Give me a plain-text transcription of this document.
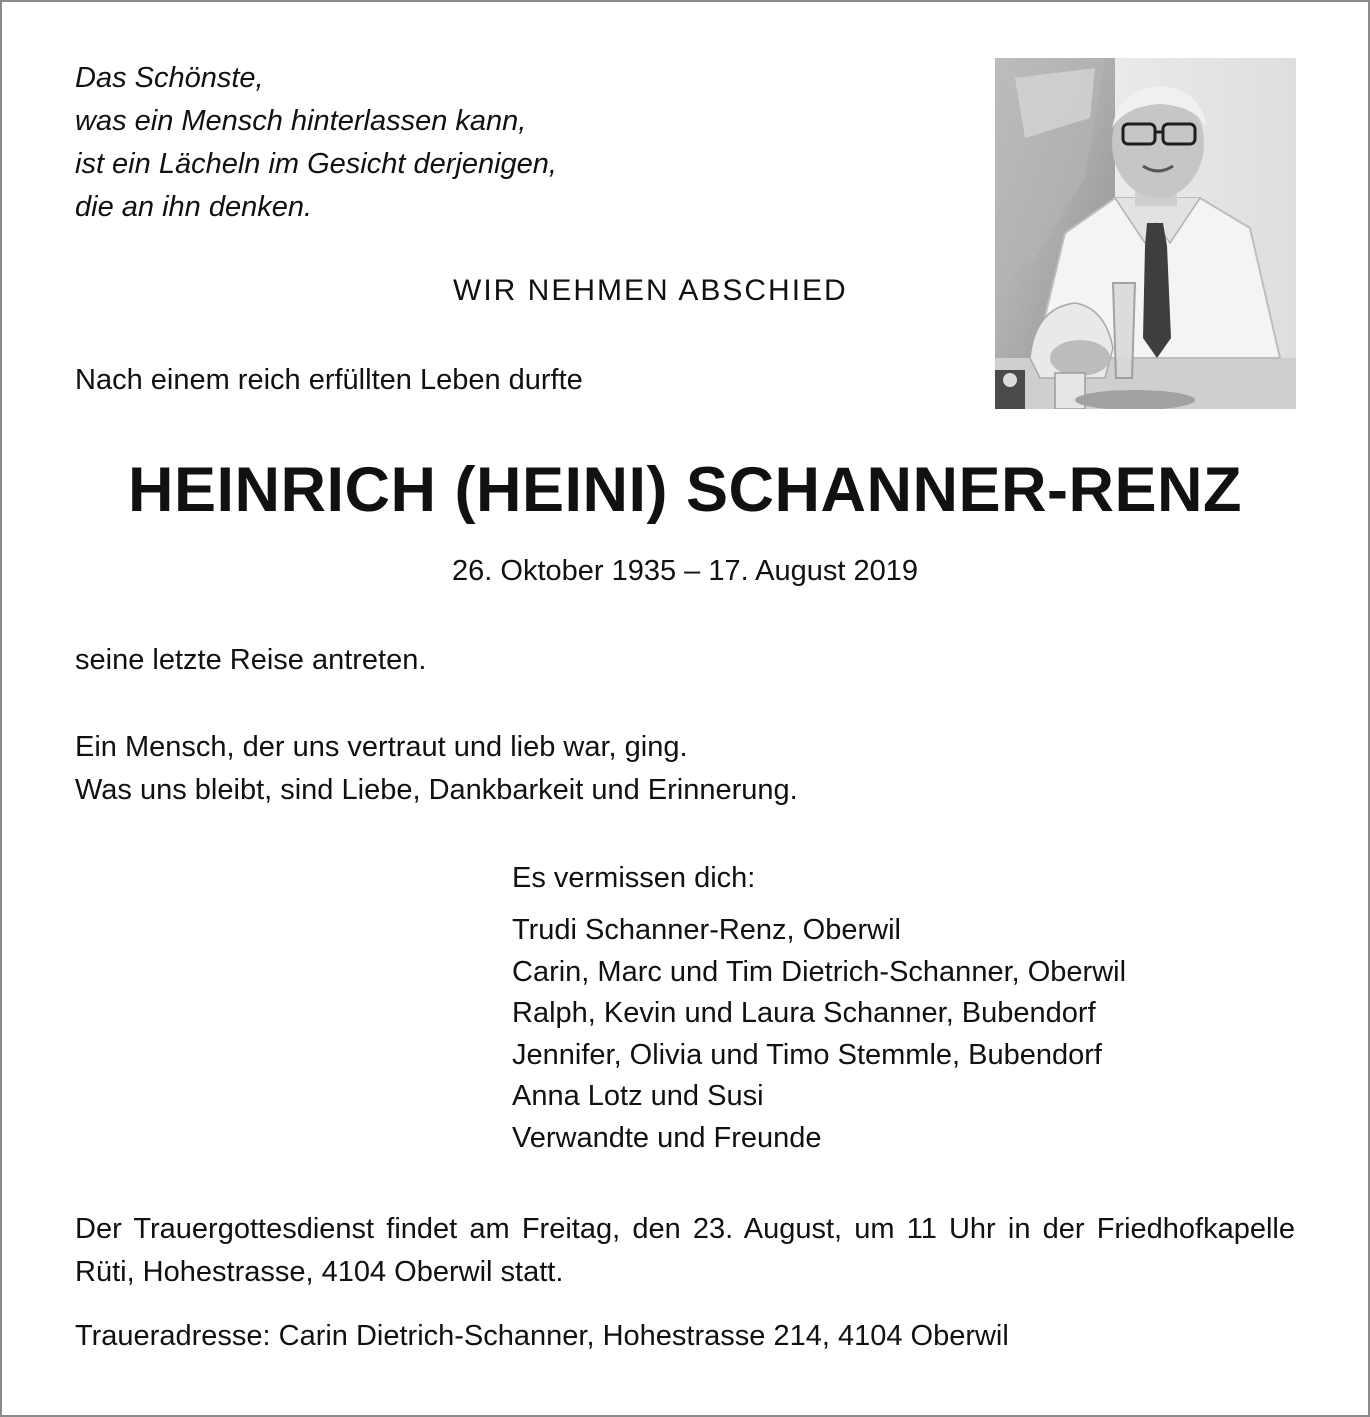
Das Schönste,
was ein Mensch hinterlassen kann,
ist ein Lächeln im Gesicht derjenigen,
die an ihn denken.
WIR NEHMEN ABSCHIED
Nach einem reich erfüllten Leben durfte
HEINRICH (HEINI) SCHANNER-RENZ
26. Oktober 1935 – 17. August 2019
seine letzte Reise antreten.
Ein Mensch, der uns vertraut und lieb war, ging.
Was uns bleibt, sind Liebe, Dankbarkeit und Erinnerung.
Es vermissen dich:
Trudi Schanner-Renz, Oberwil
Carin, Marc und Tim Dietrich-Schanner, Oberwil
Ralph, Kevin und Laura Schanner, Bubendorf
Jennifer, Olivia und Timo Stemmle, Bubendorf
Anna Lotz und Susi
Verwandte und Freunde
Der Trauergottesdienst findet am Freitag, den 23. August, um 11 Uhr in der Friedhofkapelle Rüti, Hohestrasse, 4104 Oberwil statt.
Traueradresse: Carin Dietrich-Schanner, Hohestrasse 214, 4104 Oberwil
